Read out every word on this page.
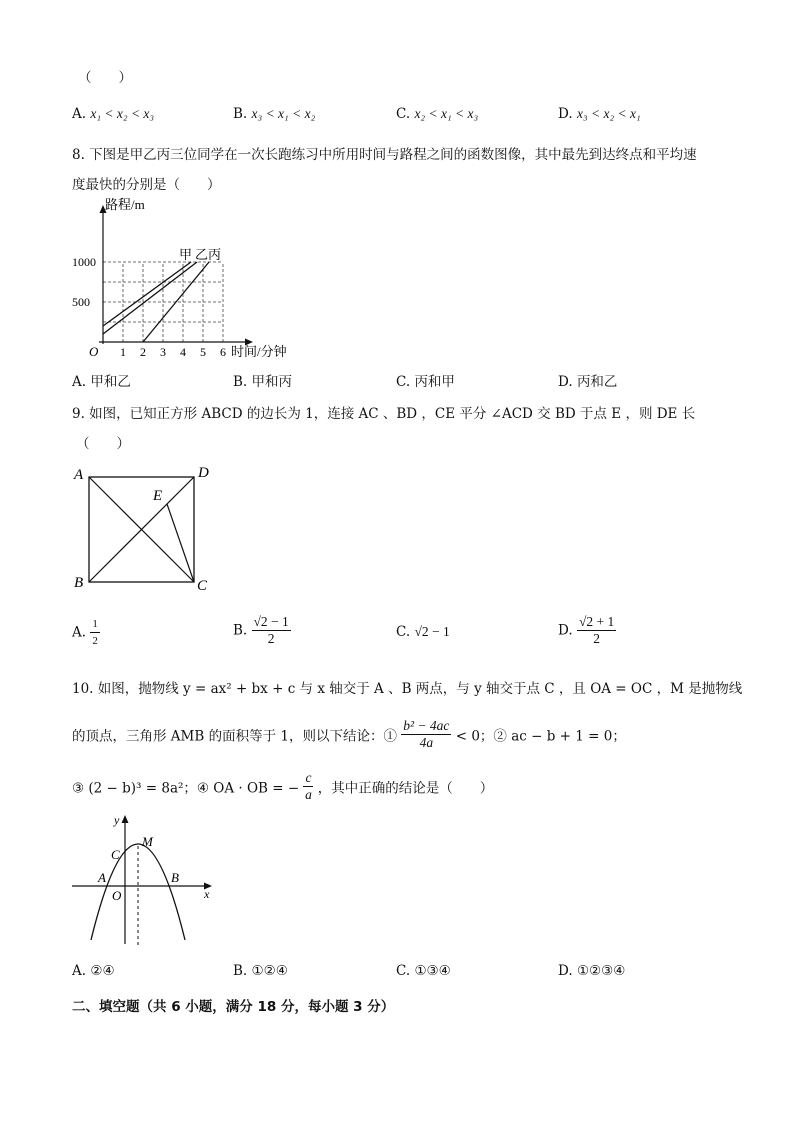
（　　）
A. x₁ < x₂ < x₃	B. x₃ < x₁ < x₂	C. x₂ < x₁ < x₃	D. x₃ < x₂ < x₁
8. 下图是甲乙丙三位同学在一次长跑练习中所用时间与路程之间的函数图像，其中最先到达终点和平均速
度最快的分别是（　　）
1 2 3 4 5 6
500
1000
O
路程/m
时间/分钟
甲 乙 丙
A. 甲和乙	B. 甲和丙	C. 丙和甲	D. 丙和乙
9. 如图，已知正方形 ABCD 的边长为 1，连接 AC 、BD ，CE 平分 ∠ACD 交 BD 于点 E ，则 DE 长
（　　）
A	D
E
B	C
A. $\frac{1}{2}$	B. $\frac{√2 - 1}{2}$	C. √2 − 1	D. $\frac{√2 + 1}{2}$
10. 如图，抛物线 y = ax² + bx + c 与 x 轴交于 A 、B 两点，与 y 轴交于点 C ，且 OA = OC ，M 是抛物线
的顶点，三角形 AMB 的面积等于 1，则以下结论：① $\frac{\text{b² − 4ac}}{4a} < 0$；② ac − b + 1 = 0；
③ (2 − b)³ = 8a²；④ OA · OB = − $\frac{c}{a}$ ，其中正确的结论是（　　）
y
x
M
C
A	B
O
A. ②④	B. ①②④	C. ①③④	D. ①②③④
二、填空题（共 6 小题，满分 18 分，每小题 3 分）
